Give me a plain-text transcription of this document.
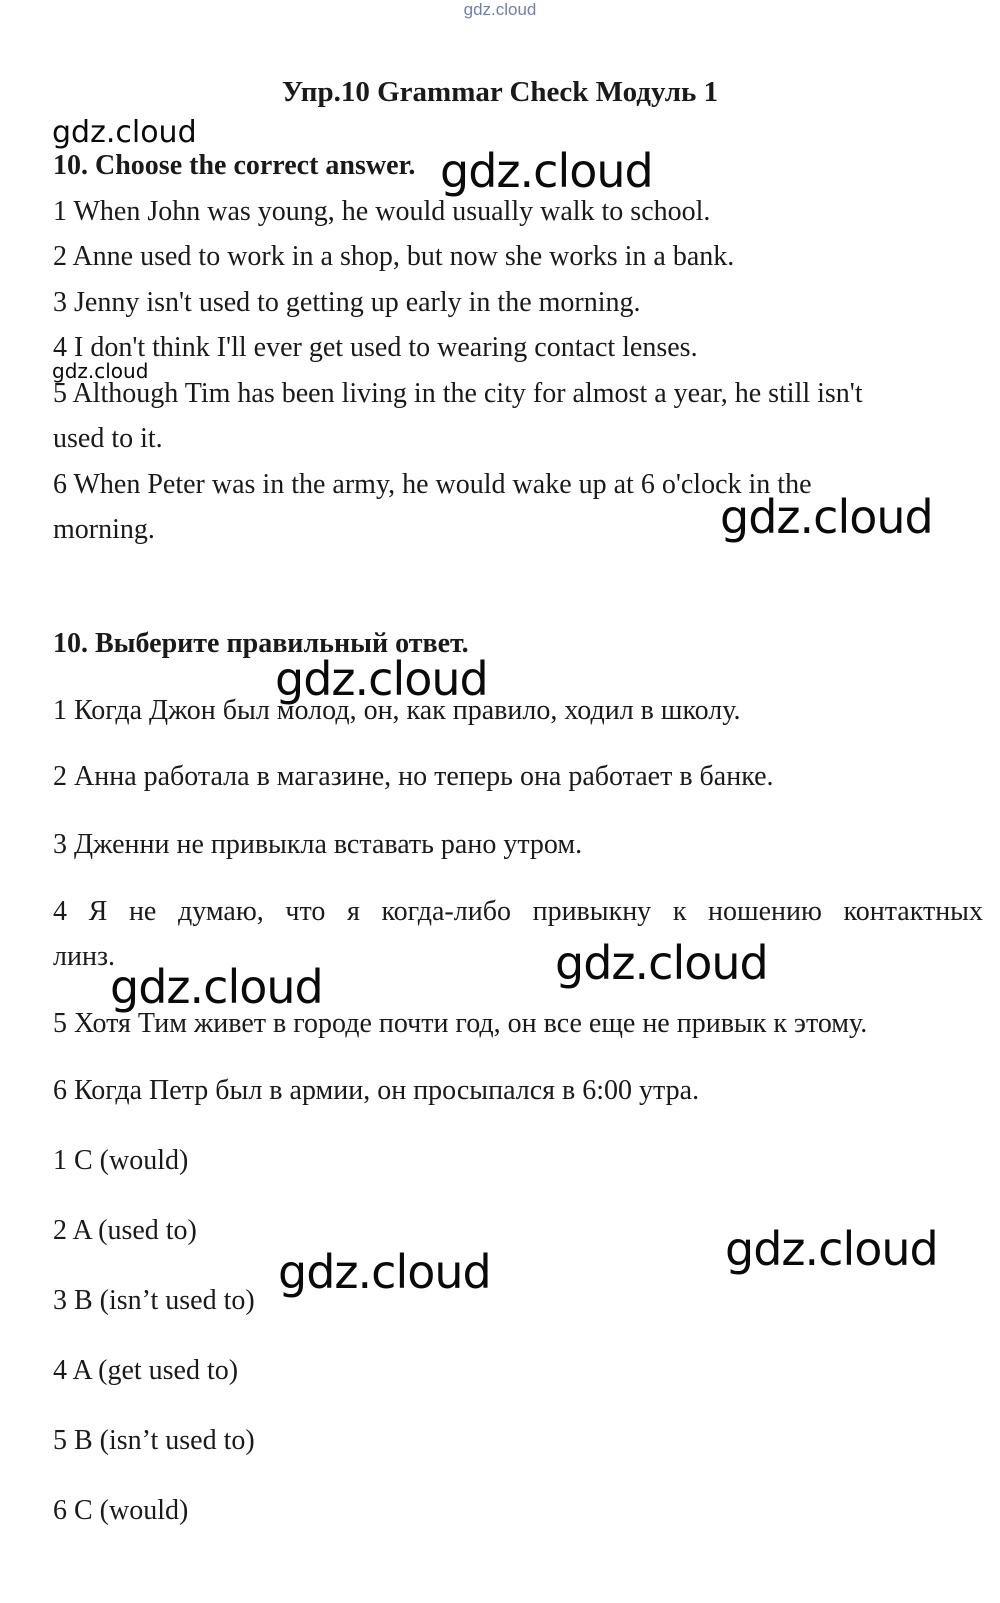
gdz.cloud
Упр.10 Grammar Check Модуль 1
10. Choose the correct answer.
1 When John was young, he would usually walk to school.
2 Anne used to work in a shop, but now she works in a bank.
3 Jenny isn't used to getting up early in the morning.
4 I don't think I'll ever get used to wearing contact lenses.
5 Although Tim has been living in the city for almost a year, he still isn't
used to it.
6 When Peter was in the army, he would wake up at 6 o'clock in the
morning.
10. Выберите правильный ответ.
1 Когда Джон был молод, он, как правило, ходил в школу.
2 Анна работала в магазине, но теперь она работает в банке.
3 Дженни не привыкла вставать рано утром.
4 Я не думаю, что я когда-либо привыкну к ношению контактных
линз.
5 Хотя Тим живет в городе почти год, он все еще не привык к этому.
6 Когда Петр был в армии, он просыпался в 6:00 утра.
1 C (would)
2 A (used to)
3 B (isn’t used to)
4 A (get used to)
5 B (isn’t used to)
6 C (would)
gdz.cloud
gdz.cloud
gdz.cloud
gdz.cloud
gdz.cloud
gdz.cloud
gdz.cloud
gdz.cloud
gdz.cloud
